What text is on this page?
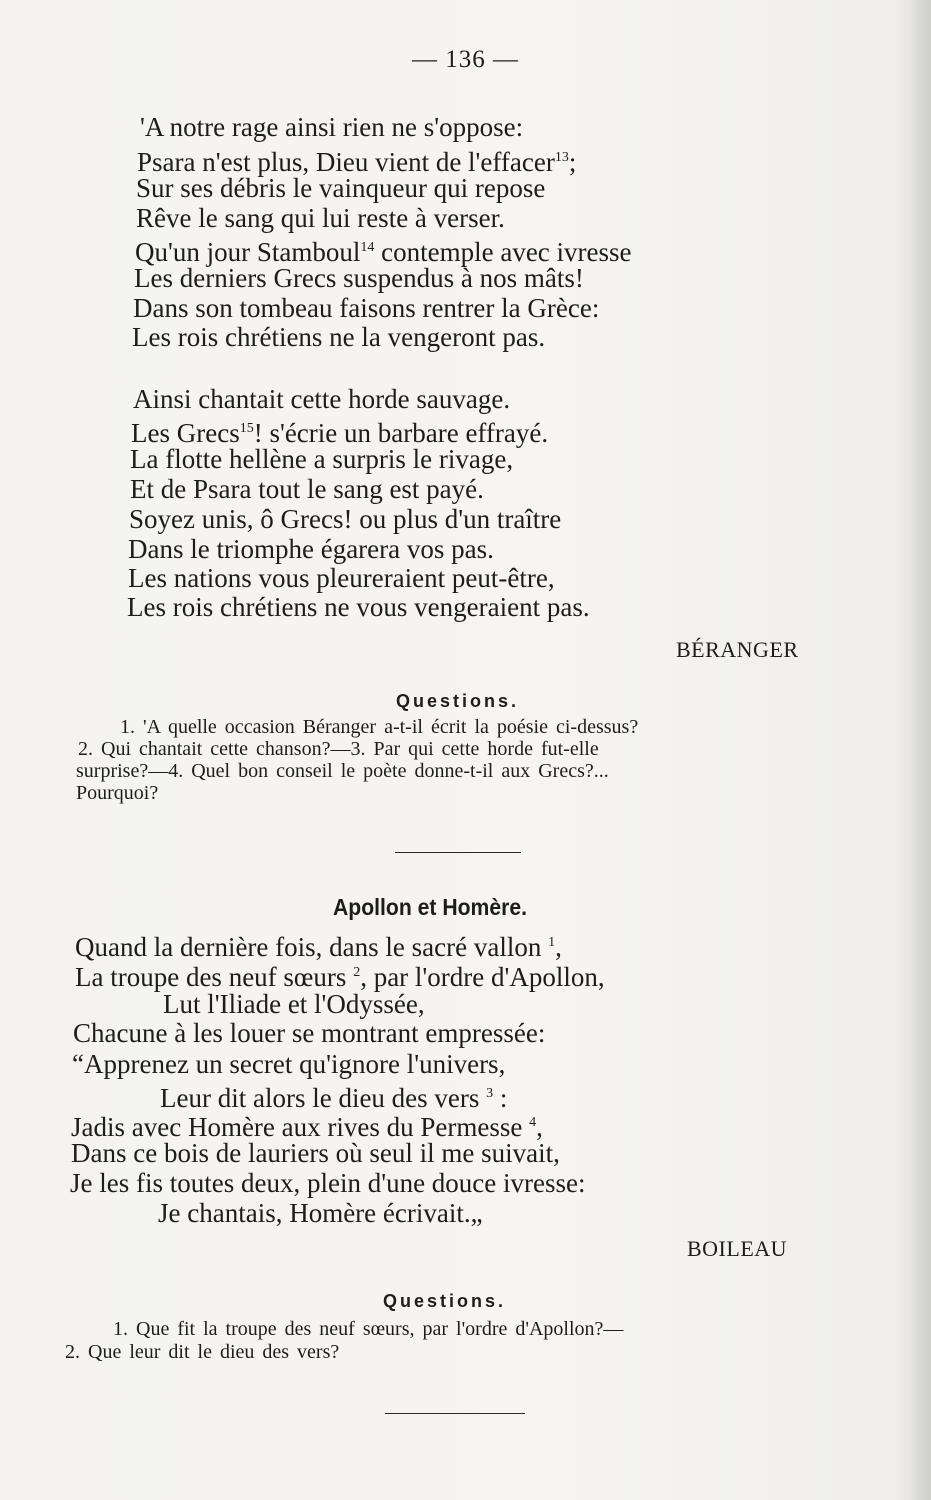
— 136 —
'A notre rage ainsi rien ne s'oppose:
Psara n'est plus, Dieu vient de l'effacer$^{13}$;
Sur ses débris le vainqueur qui repose
Rêve le sang qui lui reste à verser.
Qu'un jour Stamboul$^{14}$ contemple avec ivresse
Les derniers Grecs suspendus à nos mâts!
Dans son tombeau faisons rentrer la Grèce:
Les rois chrétiens ne la vengeront pas.
Ainsi chantait cette horde sauvage.
Les Grecs$^{15}$! s'écrie un barbare effrayé.
La flotte hellène a surpris le rivage,
Et de Psara tout le sang est payé.
Soyez unis, ô Grecs! ou plus d'un traître
Dans le triomphe égarera vos pas.
Les nations vous pleureraient peut-être,
Les rois chrétiens ne vous vengeraient pas.
BÉRANGER
Questions.
1. 'A quelle occasion Béranger a-t-il écrit la poésie ci-dessus?
2. Qui chantait cette chanson?—3. Par qui cette horde fut-elle
surprise?—4. Quel bon conseil le poète donne-t-il aux Grecs?...
Pourquoi?
Apollon et Homère.
Quand la dernière fois, dans le sacré vallon $^1$,
La troupe des neuf sœurs $^2$, par l'ordre d'Apollon,
Lut l'Iliade et l'Odyssée,
Chacune à les louer se montrant empressée:
“Apprenez un secret qu'ignore l'univers,
Leur dit alors le dieu des vers $^3$ :
Jadis avec Homère aux rives du Permesse $^4$,
Dans ce bois de lauriers où seul il me suivait,
Je les fis toutes deux, plein d'une douce ivresse:
Je chantais, Homère écrivait.„
BOILEAU
Questions.
1. Que fit la troupe des neuf sœurs, par l'ordre d'Apollon?—
2. Que leur dit le dieu des vers?
